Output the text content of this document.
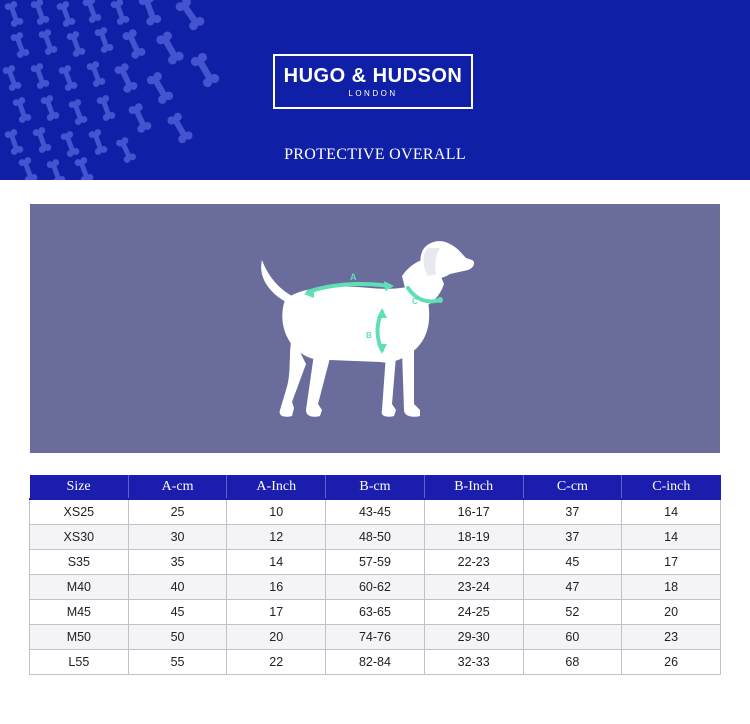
HUGO & HUDSON
LONDON
PROTECTIVE OVERALL
A
B
C
Size	A-cm	A-Inch	B-cm	B-Inch	C-cm	C-inch
XS25	25	10	43-45	16-17	37	14
XS30	30	12	48-50	18-19	37	14
S35	35	14	57-59	22-23	45	17
M40	40	16	60-62	23-24	47	18
M45	45	17	63-65	24-25	52	20
M50	50	20	74-76	29-30	60	23
L55	55	22	82-84	32-33	68	26
